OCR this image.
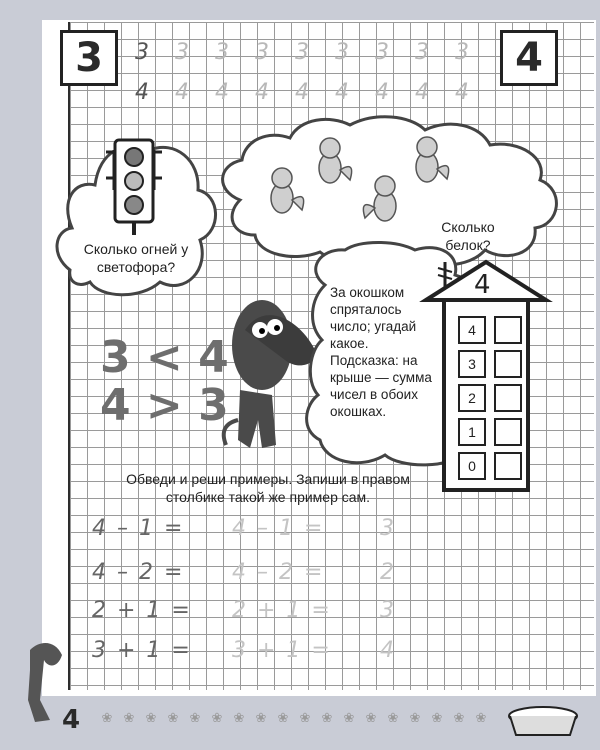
3	4
3	3	3	3	3	3	3	3	3
4	4	4	4	4	4	4	4	4
Сколько огней у светофора?
Сколько белок?
3 < 4
4 > 3
За окошком спряталось число; угадай какое. Подсказка: на крыше — сумма чисел в обоих окошках.
4
4
3
2
1
0
Обведи и реши примеры. Запиши в правом столбике такой же пример сам.
4 – 1 = 4 – 1 =	3
4 – 2 = 4 – 2 =	2
2 + 1 = 2 + 1 = 3
3 + 1 = 3 + 1 = 4
4 ❀ ❀ ❀ ❀ ❀ ❀ ❀ ❀ ❀ ❀ ❀ ❀ ❀ ❀ ❀ ❀ ❀ ❀
